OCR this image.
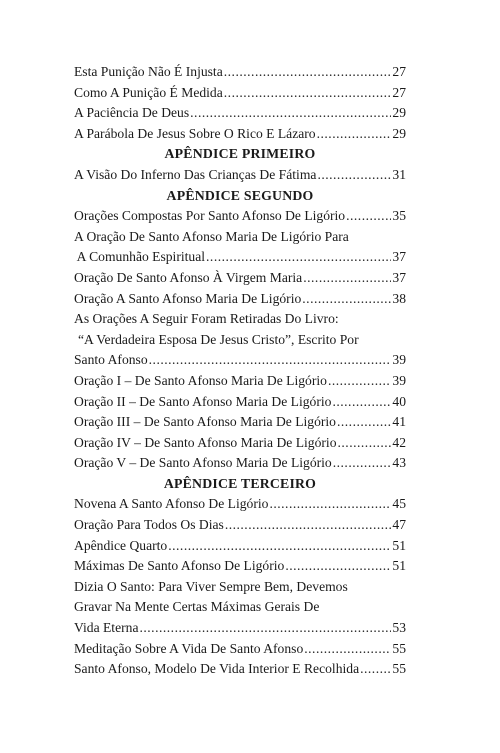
Esta Punição Não É Injusta .....	27
Como A Punição É Medida .....	27
A Paciência De Deus .....	29
A Parábola De Jesus Sobre O Rico E Lázaro .....	29
APÊNDICE PRIMEIRO
A Visão Do Inferno Das Crianças De Fátima .....	31
APÊNDICE SEGUNDO
Orações Compostas Por Santo Afonso De Ligório .....	35
A Oração De Santo Afonso Maria De Ligório Para
A Comunhão Espiritual .....	37
Oração De Santo Afonso À Virgem Maria .....	37
Oração A Santo Afonso Maria De Ligório .....	38
As Orações A Seguir Foram Retiradas Do Livro:
“A Verdadeira Esposa De Jesus Cristo”, Escrito Por
Santo Afonso .....	39
Oração I – De Santo Afonso Maria De Ligório .....	39
Oração II – De Santo Afonso Maria De Ligório .....	40
Oração III – De Santo Afonso Maria De Ligório .....	41
Oração IV – De Santo Afonso Maria De Ligório .....	42
Oração V – De Santo Afonso Maria De Ligório .....	43
APÊNDICE TERCEIRO
Novena A Santo Afonso De Ligório .....	45
Oração Para Todos Os Dias .....	47
Apêndice Quarto .....	51
Máximas De Santo Afonso De Ligório .....	51
Dizia O Santo: Para Viver Sempre Bem, Devemos
Gravar Na Mente Certas Máximas Gerais De
Vida Eterna .....	53
Meditação Sobre A Vida De Santo Afonso .....	55
Santo Afonso, Modelo De Vida Interior E Recolhida ..... 55
